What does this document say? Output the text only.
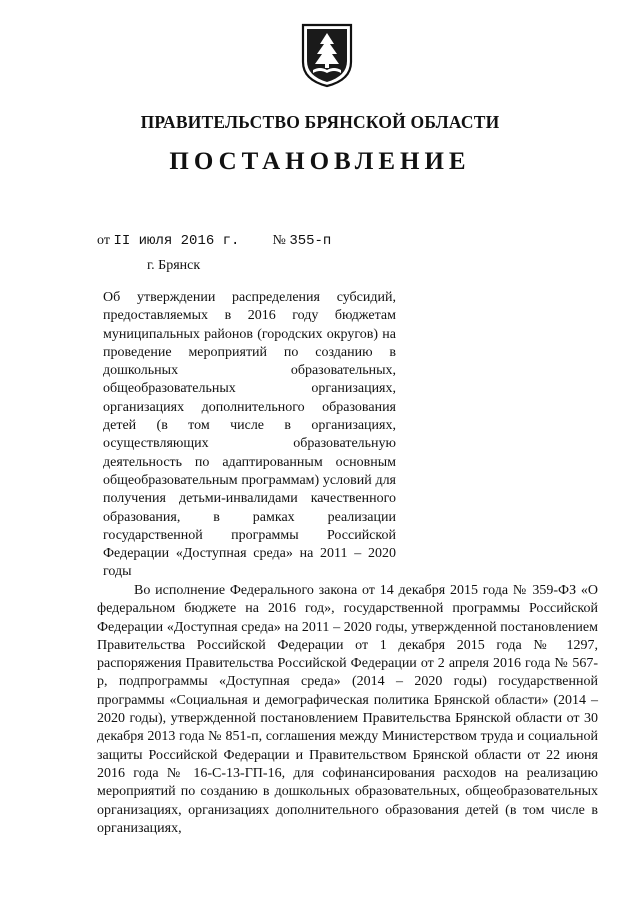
ПРАВИТЕЛЬСТВО БРЯНСКОЙ ОБЛАСТИ
ПОСТАНОВЛЕНИЕ
от II июля 2016 г. № 355-п
г. Брянск
Об утверждении распределения субсидий, предоставляемых в 2016 году бюджетам муниципальных районов (городских округов) на проведение мероприятий по созданию в дошкольных образовательных, общеобразовательных организациях, организациях дополнительного образования детей (в том числе в организациях, осуществляющих образовательную деятельность по адаптированным основным общеобразовательным программам) условий для получения детьми-инвалидами качественного образования, в рамках реализации государственной программы Российской Федерации «Доступная среда» на 2011 – 2020 годы
Во исполнение Федерального закона от 14 декабря 2015 года № 359-ФЗ «О федеральном бюджете на 2016 год», государственной программы Российской Федерации «Доступная среда» на 2011 – 2020 годы, утвержденной постановлением Правительства Российской Федерации от 1 декабря 2015 года № 1297, распоряжения Правительства Российской Федерации от 2 апреля 2016 года № 567-р, подпрограммы «Доступная среда» (2014 – 2020 годы) государственной программы «Социальная и демографическая политика Брянской области» (2014 – 2020 годы), утвержденной постановлением Правительства Брянской области от 30 декабря 2013 года № 851-п, соглашения между Министерством труда и социальной защиты Российской Федерации и Правительством Брянской области от 22 июня 2016 года № 16-С-13-ГП-16, для софинансирования расходов на реализацию мероприятий по созданию в дошкольных образовательных, общеобразовательных организациях, организациях дополнительного образования детей (в том числе в организациях,
